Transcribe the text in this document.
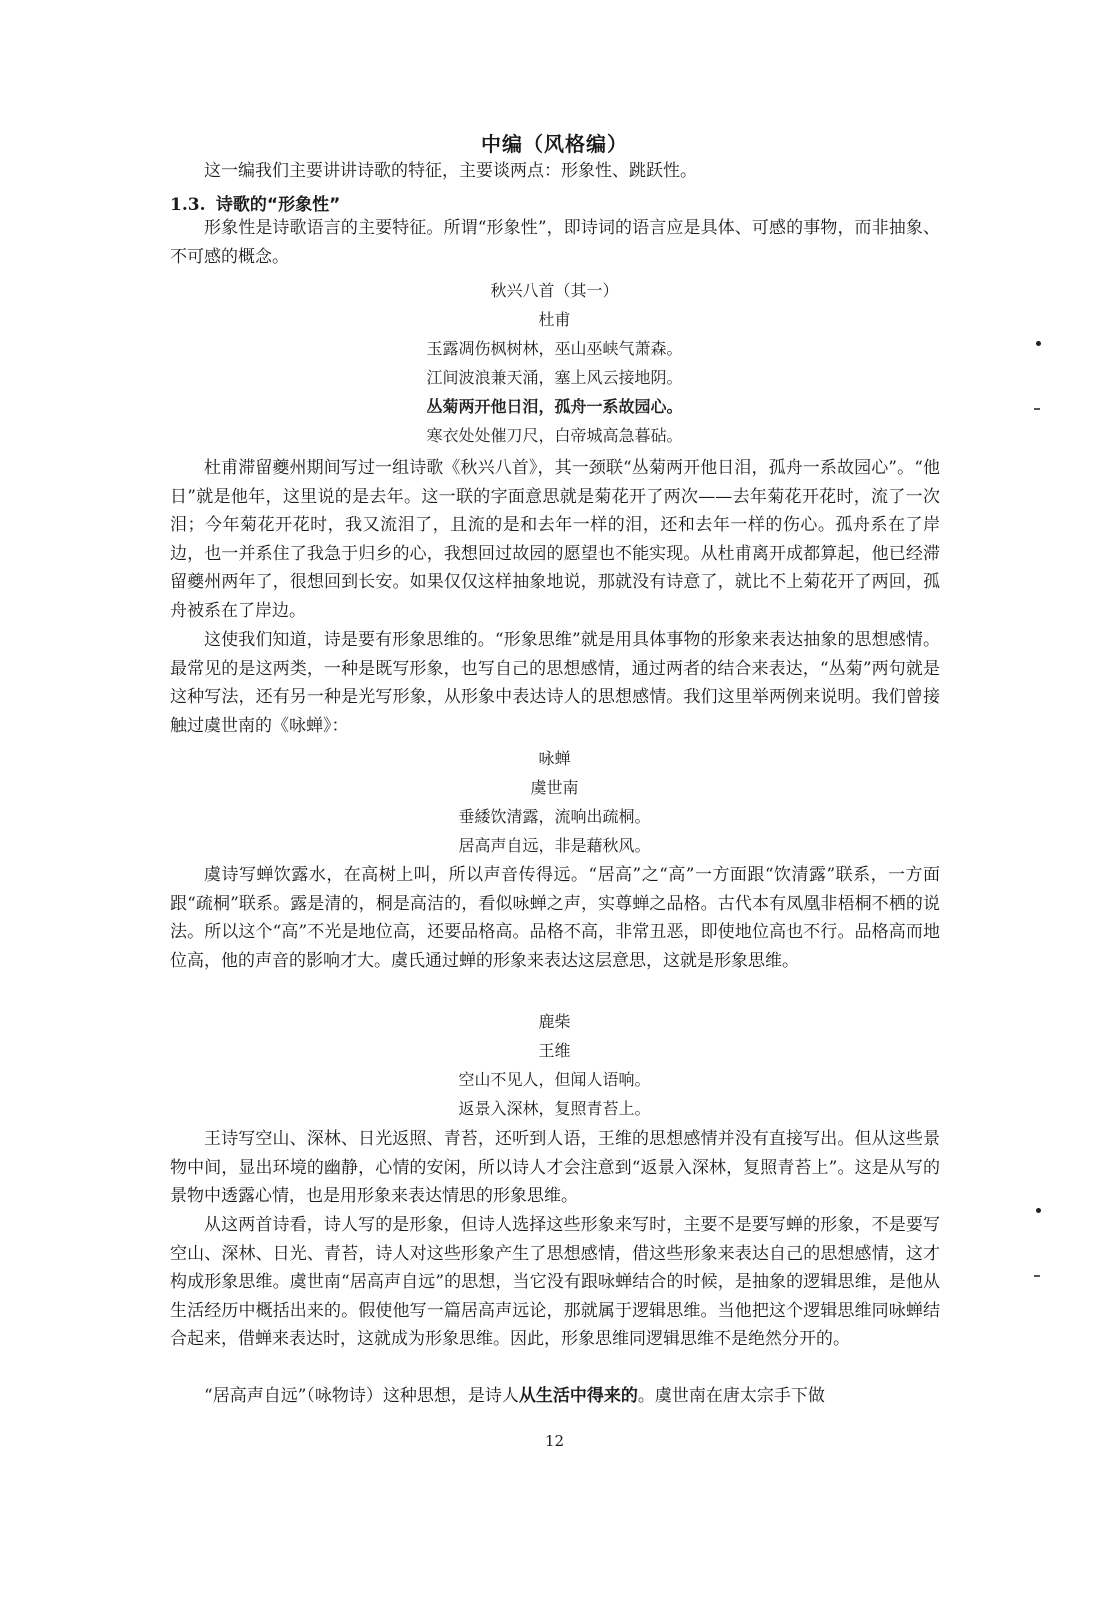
中编（风格编）
这一编我们主要讲讲诗歌的特征，主要谈两点：形象性、跳跃性。
1.3. 诗歌的“形象性”
形象性是诗歌语言的主要特征。所谓“形象性”，即诗词的语言应是具体、可感的事物，而非抽象、不可感的概念。
秋兴八首（其一）
杜甫
玉露凋伤枫树林，巫山巫峡气萧森。
江间波浪兼天涌，塞上风云接地阴。
丛菊两开他日泪，孤舟一系故园心。
寒衣处处催刀尺，白帝城高急暮砧。
杜甫滞留夔州期间写过一组诗歌《秋兴八首》，其一颈联“丛菊两开他日泪，孤舟一系故园心”。“他日”就是他年，这里说的是去年。这一联的字面意思就是菊花开了两次——去年菊花开花时，流了一次泪；今年菊花开花时，我又流泪了，且流的是和去年一样的泪，还和去年一样的伤心。孤舟系在了岸边，也一并系住了我急于归乡的心，我想回过故园的愿望也不能实现。从杜甫离开成都算起，他已经滞留夔州两年了，很想回到长安。如果仅仅这样抽象地说，那就没有诗意了，就比不上菊花开了两回，孤舟被系在了岸边。
这使我们知道，诗是要有形象思维的。“形象思维”就是用具体事物的形象来表达抽象的思想感情。最常见的是这两类，一种是既写形象，也写自己的思想感情，通过两者的结合来表达，“丛菊”两句就是这种写法，还有另一种是光写形象，从形象中表达诗人的思想感情。我们这里举两例来说明。我们曾接触过虞世南的《咏蝉》：
咏蝉
虞世南
垂緌饮清露，流响出疏桐。
居高声自远，非是藉秋风。
虞诗写蝉饮露水，在高树上叫，所以声音传得远。“居高”之“高”一方面跟“饮清露”联系，一方面跟“疏桐”联系。露是清的，桐是高洁的，看似咏蝉之声，实尊蝉之品格。古代本有凤凰非梧桐不栖的说法。所以这个“高”不光是地位高，还要品格高。品格不高，非常丑恶，即使地位高也不行。品格高而地位高，他的声音的影响才大。虞氏通过蝉的形象来表达这层意思，这就是形象思维。
鹿柴
王维
空山不见人，但闻人语响。
返景入深林，复照青苔上。
王诗写空山、深林、日光返照、青苔，还听到人语，王维的思想感情并没有直接写出。但从这些景物中间，显出环境的幽静，心情的安闲，所以诗人才会注意到“返景入深林，复照青苔上”。这是从写的景物中透露心情，也是用形象来表达情思的形象思维。
从这两首诗看，诗人写的是形象，但诗人选择这些形象来写时，主要不是要写蝉的形象，不是要写空山、深林、日光、青苔，诗人对这些形象产生了思想感情，借这些形象来表达自己的思想感情，这才构成形象思维。虞世南“居高声自远”的思想，当它没有跟咏蝉结合的时候，是抽象的逻辑思维，是他从生活经历中概括出来的。假使他写一篇居高声远论，那就属于逻辑思维。当他把这个逻辑思维同咏蝉结合起来，借蝉来表达时，这就成为形象思维。因此，形象思维同逻辑思维不是绝然分开的。
“居高声自远”（咏物诗）这种思想，是诗人从生活中得来的。虞世南在唐太宗手下做
12
